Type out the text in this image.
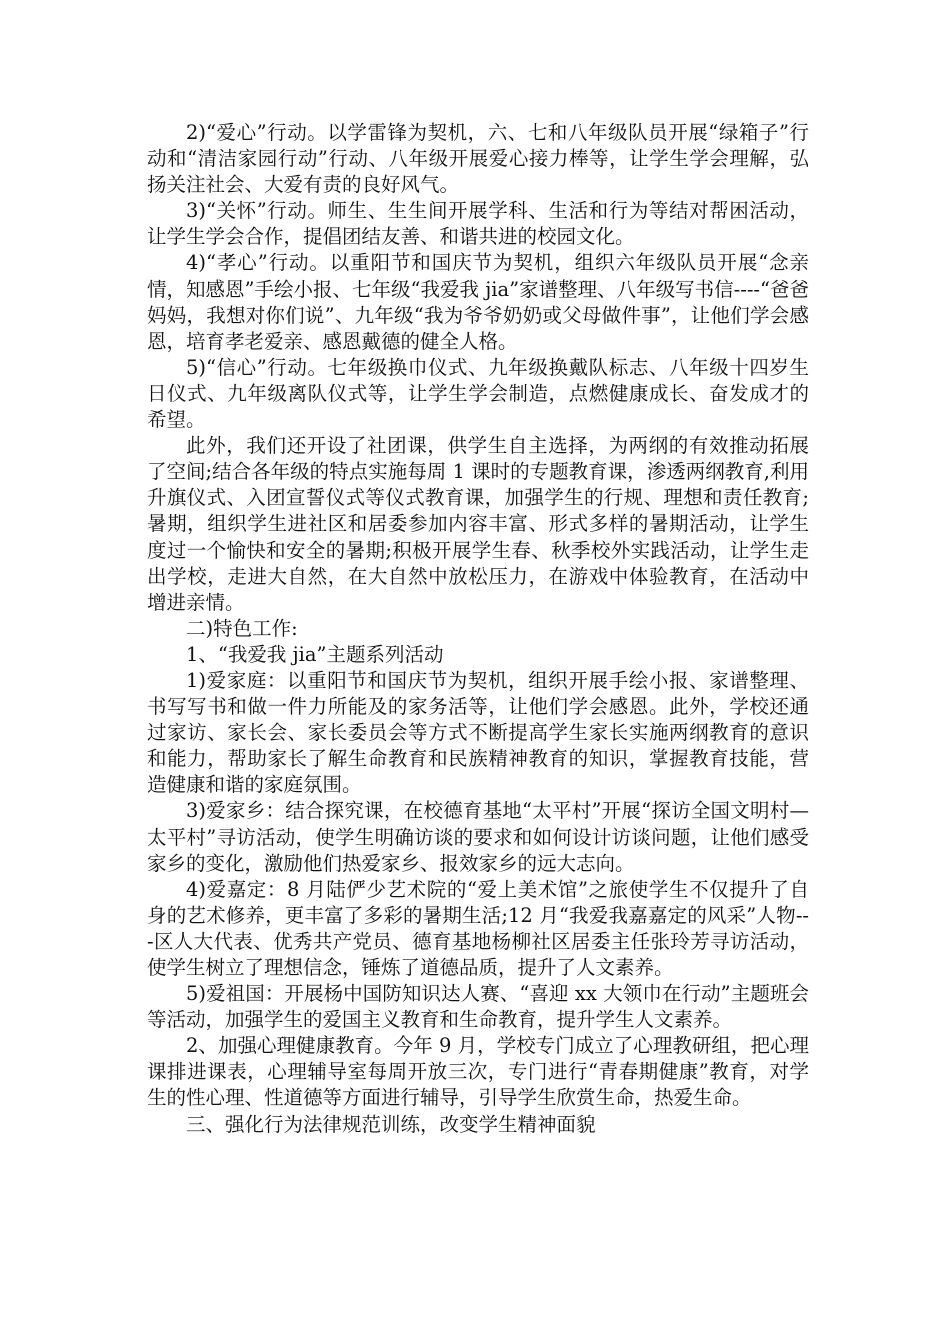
2)“爱心”行动。以学雷锋为契机，六、七和八年级队员开展“绿箱子”行动和“清洁家园行动”行动、八年级开展爱心接力棒等，让学生学会理解，弘扬关注社会、大爱有责的良好风气。

3)“关怀”行动。师生、生生间开展学科、生活和行为等结对帮困活动，让学生学会合作，提倡团结友善、和谐共进的校园文化。

4)“孝心”行动。以重阳节和国庆节为契机，组织六年级队员开展“念亲情，知感恩”手绘小报、七年级“我爱我 jia”家谱整理、八年级写书信----“爸爸妈妈，我想对你们说”、九年级“我为爷爷奶奶或父母做件事”，让他们学会感恩，培育孝老爱亲、感恩戴德的健全人格。

5)“信心”行动。七年级换巾仪式、九年级换戴队标志、八年级十四岁生日仪式、九年级离队仪式等，让学生学会制造，点燃健康成长、奋发成才的希望。

此外，我们还开设了社团课，供学生自主选择，为两纲的有效推动拓展了空间;结合各年级的特点实施每周 1 课时的专题教育课，渗透两纲教育,利用升旗仪式、入团宣誓仪式等仪式教育课，加强学生的行规、理想和责任教育;暑期，组织学生进社区和居委参加内容丰富、形式多样的暑期活动，让学生度过一个愉快和安全的暑期;积极开展学生春、秋季校外实践活动，让学生走出学校，走进大自然，在大自然中放松压力，在游戏中体验教育，在活动中增进亲情。

二)特色工作:

1、“我爱我 jia”主题系列活动

1)爱家庭：以重阳节和国庆节为契机，组织开展手绘小报、家谱整理、书写写书和做一件力所能及的家务活等，让他们学会感恩。此外，学校还通过家访、家长会、家长委员会等方式不断提高学生家长实施两纲教育的意识和能力，帮助家长了解生命教育和民族精神教育的知识，掌握教育技能，营造健康和谐的家庭氛围。

3)爱家乡：结合探究课，在校德育基地“太平村”开展“探访全国文明村—太平村”寻访活动，使学生明确访谈的要求和如何设计访谈问题，让他们感受家乡的变化，激励他们热爱家乡、报效家乡的远大志向。

4)爱嘉定：8 月陆俨少艺术院的“爱上美术馆”之旅使学生不仅提升了自身的艺术修养，更丰富了多彩的暑期生活;12 月“我爱我嘉嘉定的风采”人物---区人大代表、优秀共产党员、德育基地杨柳社区居委主任张玲芳寻访活动，使学生树立了理想信念，锤炼了道德品质，提升了人文素养。

5)爱祖国：开展杨中国防知识达人赛、“喜迎 xx 大领巾在行动”主题班会等活动，加强学生的爱国主义教育和生命教育，提升学生人文素养。

2、加强心理健康教育。今年 9 月，学校专门成立了心理教研组，把心理课排进课表，心理辅导室每周开放三次，专门进行“青春期健康”教育，对学生的性心理、性道德等方面进行辅导，引导学生欣赏生命，热爱生命。

三、强化行为法律规范训练，改变学生精神面貌
